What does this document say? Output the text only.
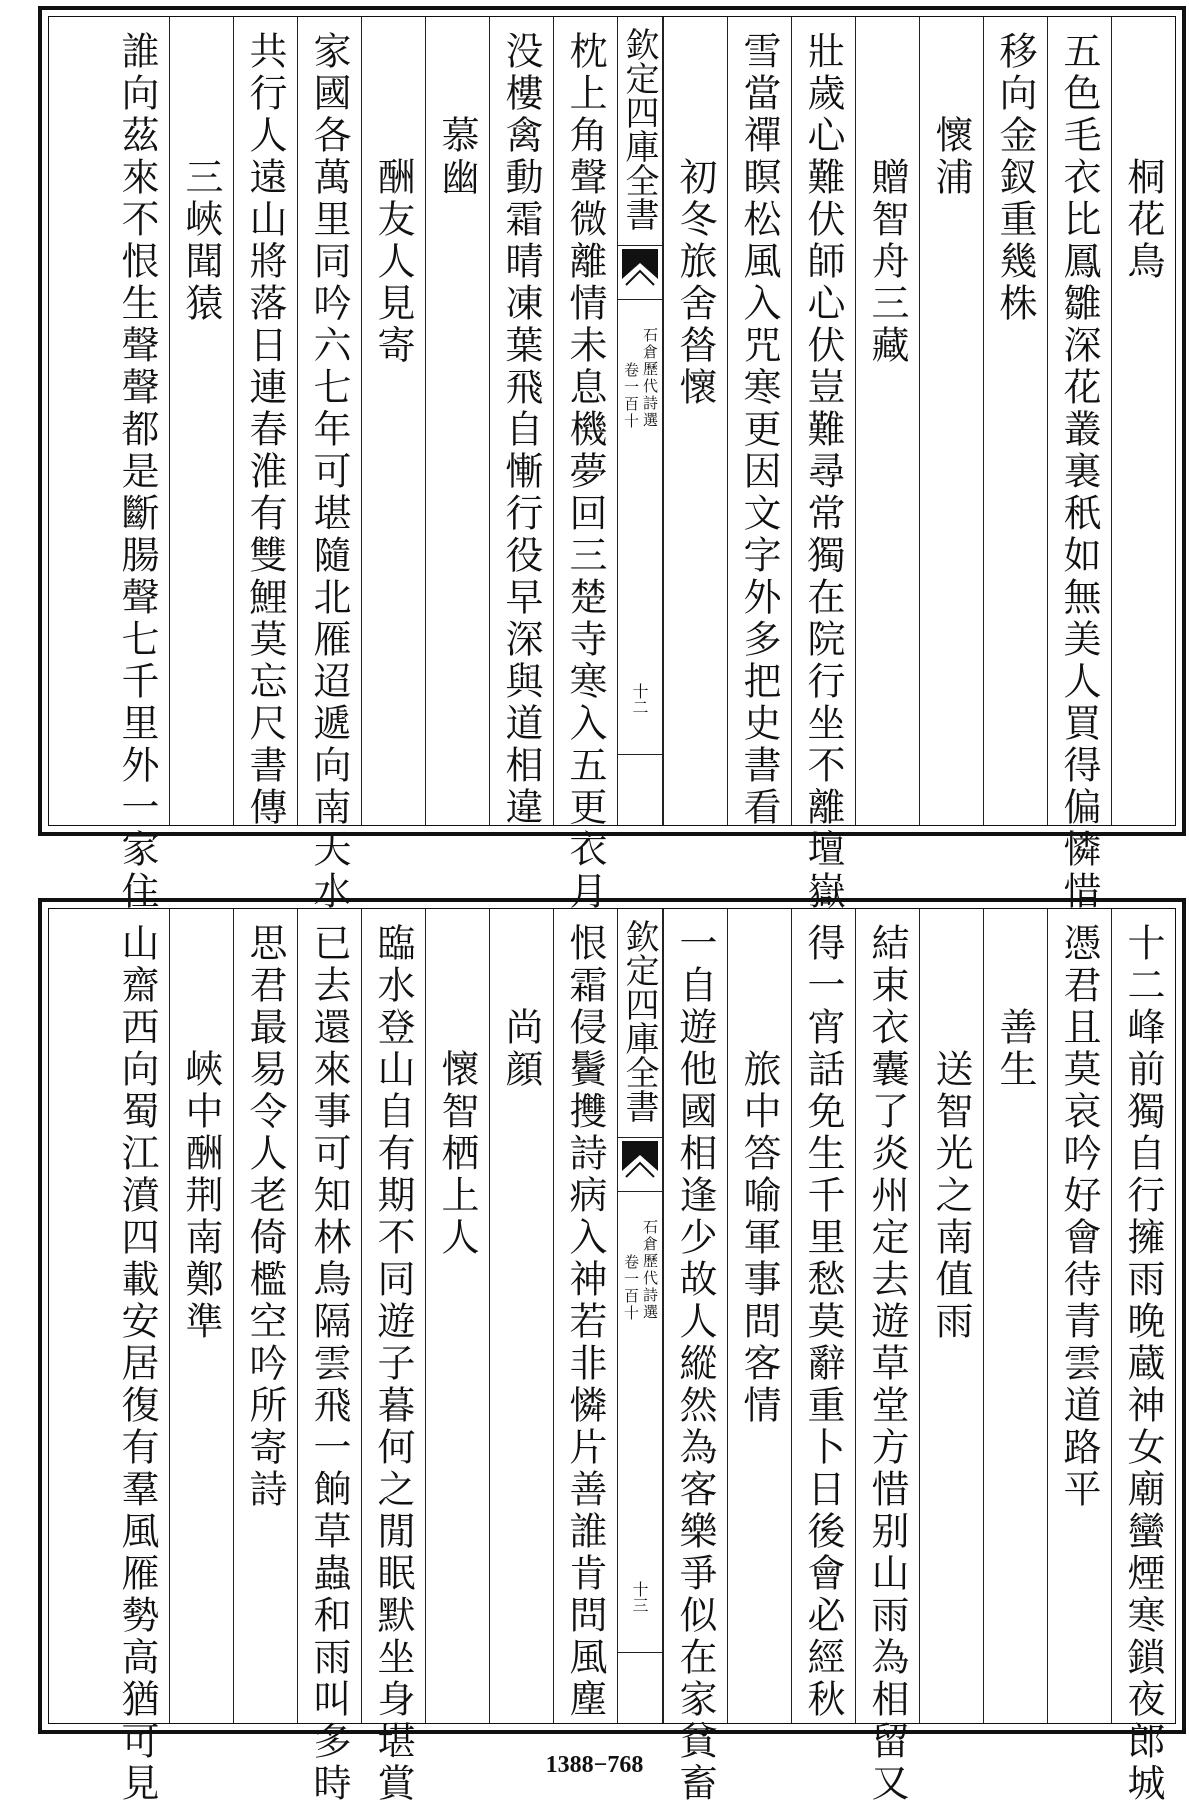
桐花鳥
五色毛衣比鳳雛深花叢裏秖如無美人買得偏憐惜
移向金釵重幾株
懷浦
贈智舟三藏
壯歲心難伏師心伏豈難尋常獨在院行坐不離壇嶽
雪當禪瞑松風入咒寒更因文字外多把史書看
初冬旅舍㫺懷
欽定四庫全書
石倉歷代詩選
卷一百十
十二
枕上角聲微離情未息機夢回三楚寺寒入五更衣月
没樓禽動霜晴凍葉飛自慚行役早深與道相違
慕幽
酬友人見寄
家國各萬里同吟六七年可堪隨北雁迢遞向南天水
共行人遠山將落日連春淮有雙鯉莫忘尺書傳
三峽聞猿
誰向茲來不恨生聲聲都是斷腸聲七千里外一家住
十二峰前獨自行擁雨晚蔵神女廟蠻煙寒鎖夜郎城
憑君且莫哀吟好會待青雲道路平
善生
送智光之南值雨
結束衣囊了炎州定去遊草堂方惜别山雨為相留又
得一宵話免生千里愁莫辭重卜日後會必經秋
旅中答喻軍事問客情
一自遊他國相逢少故人縱然為客樂爭似在家貧畜
欽定四庫全書
石倉歷代詩選
卷一百十
十三
恨霜侵鬢㩳詩病入神若非憐片善誰肯問風塵
尚顔
懷智栖上人
臨水登山自有期不同遊子暮何之閒眠默坐身堪賞
已去還來事可知林鳥隔雲飛一餉草蟲和雨叫多時
思君最易令人老倚檻空吟所寄詩
峽中酬荆南鄭準
山齋西向蜀江濆四載安居復有羣風雁勢高猶可見	1388−768
